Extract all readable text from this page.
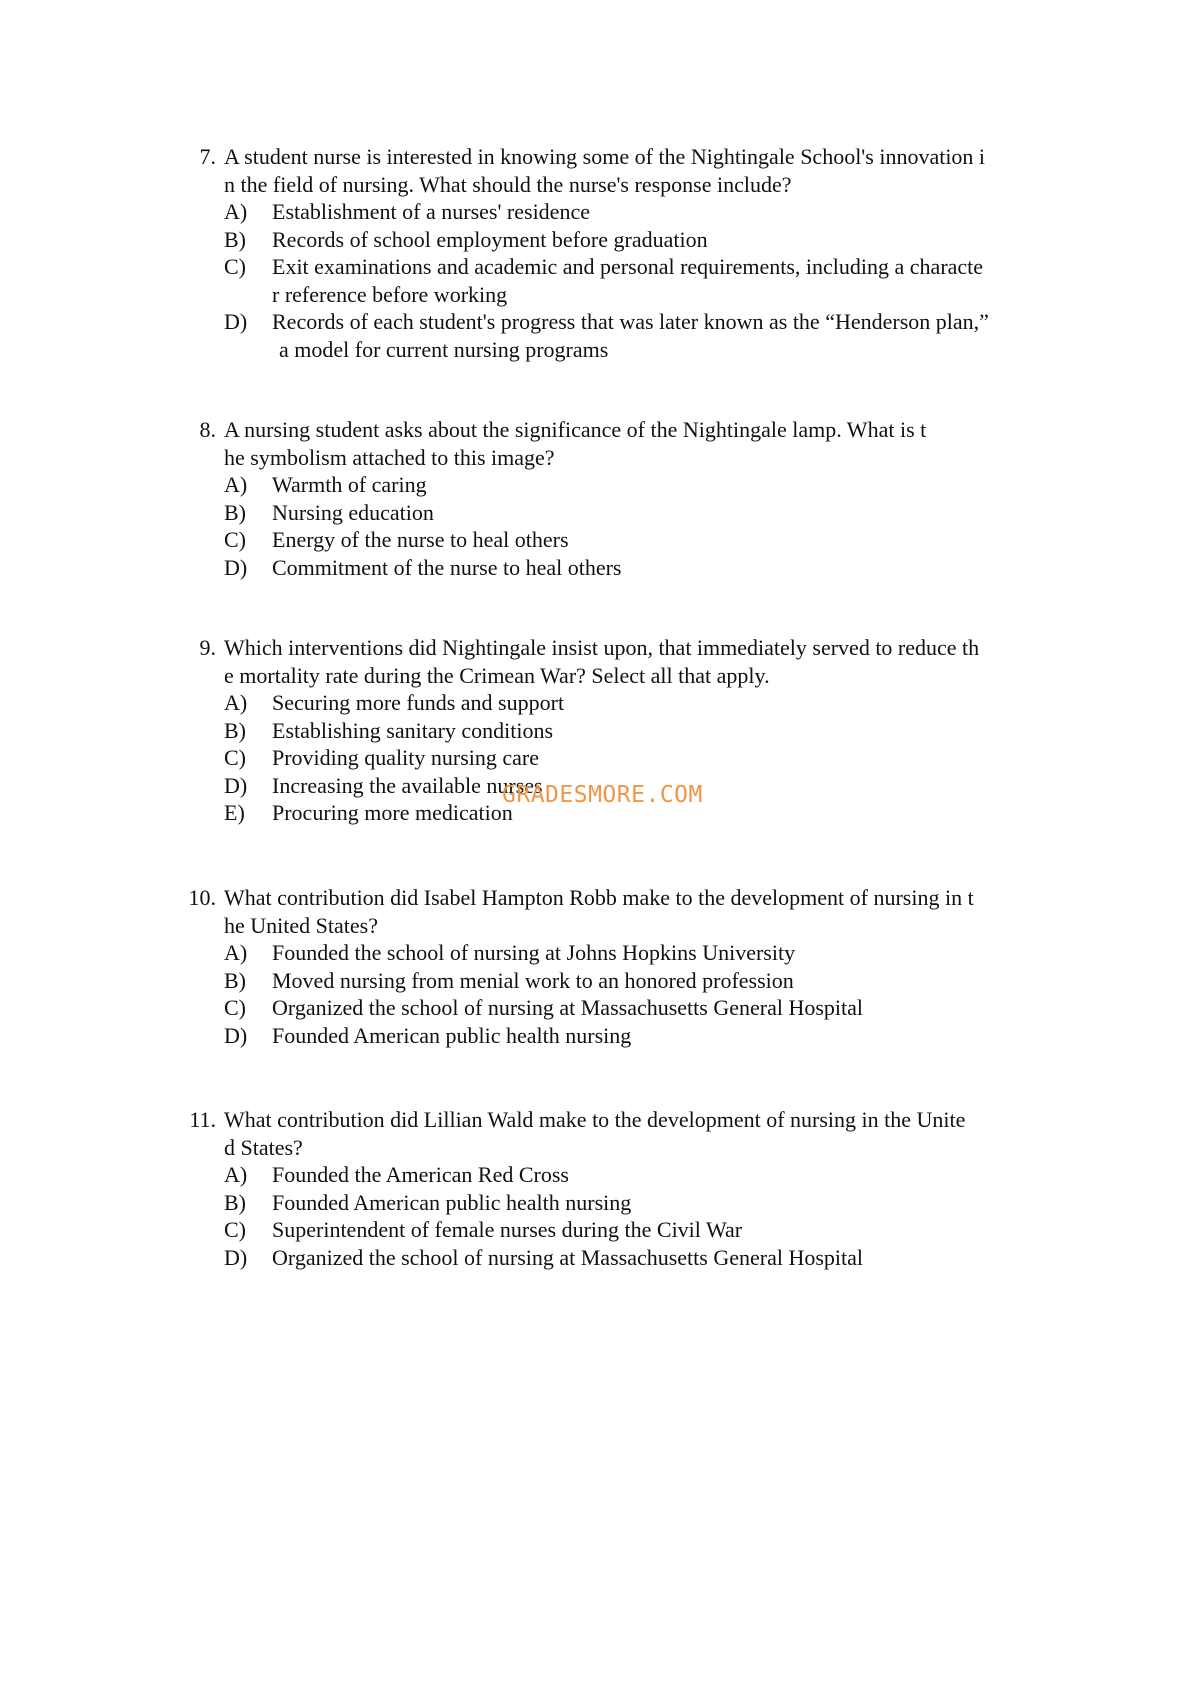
7. A student nurse is interested in knowing some of the Nightingale School's innovation i
n the field of nursing. What should the nurse's response include?
A)	Establishment of a nurses' residence
B)	Records of school employment before graduation
C)	Exit examinations and academic and personal requirements, including a characte
r reference before working
D)	Records of each student's progress that was later known as the “Henderson plan,”
a model for current nursing programs
8. A nursing student asks about the significance of the Nightingale lamp. What is t
he symbolism attached to this image?
A)	Warmth of caring
B)	Nursing education
C)	Energy of the nurse to heal others
D)	Commitment of the nurse to heal others
9. Which interventions did Nightingale insist upon, that immediately served to reduce th
e mortality rate during the Crimean War? Select all that apply.
A)	Securing more funds and support
B)	Establishing sanitary conditions
C)	Providing quality nursing care
D)	Increasing the available nurses
E)	Procuring more medication
10. What contribution did Isabel Hampton Robb make to the development of nursing in t
he United States?
A)	Founded the school of nursing at Johns Hopkins University
B)	Moved nursing from menial work to an honored profession
C)	Organized the school of nursing at Massachusetts General Hospital
D)	Founded American public health nursing
11. What contribution did Lillian Wald make to the development of nursing in the Unite
d States?
A)	Founded the American Red Cross
B)	Founded American public health nursing
C)	Superintendent of female nurses during the Civil War
D)	Organized the school of nursing at Massachusetts General Hospital
GRADESMORE.COM
